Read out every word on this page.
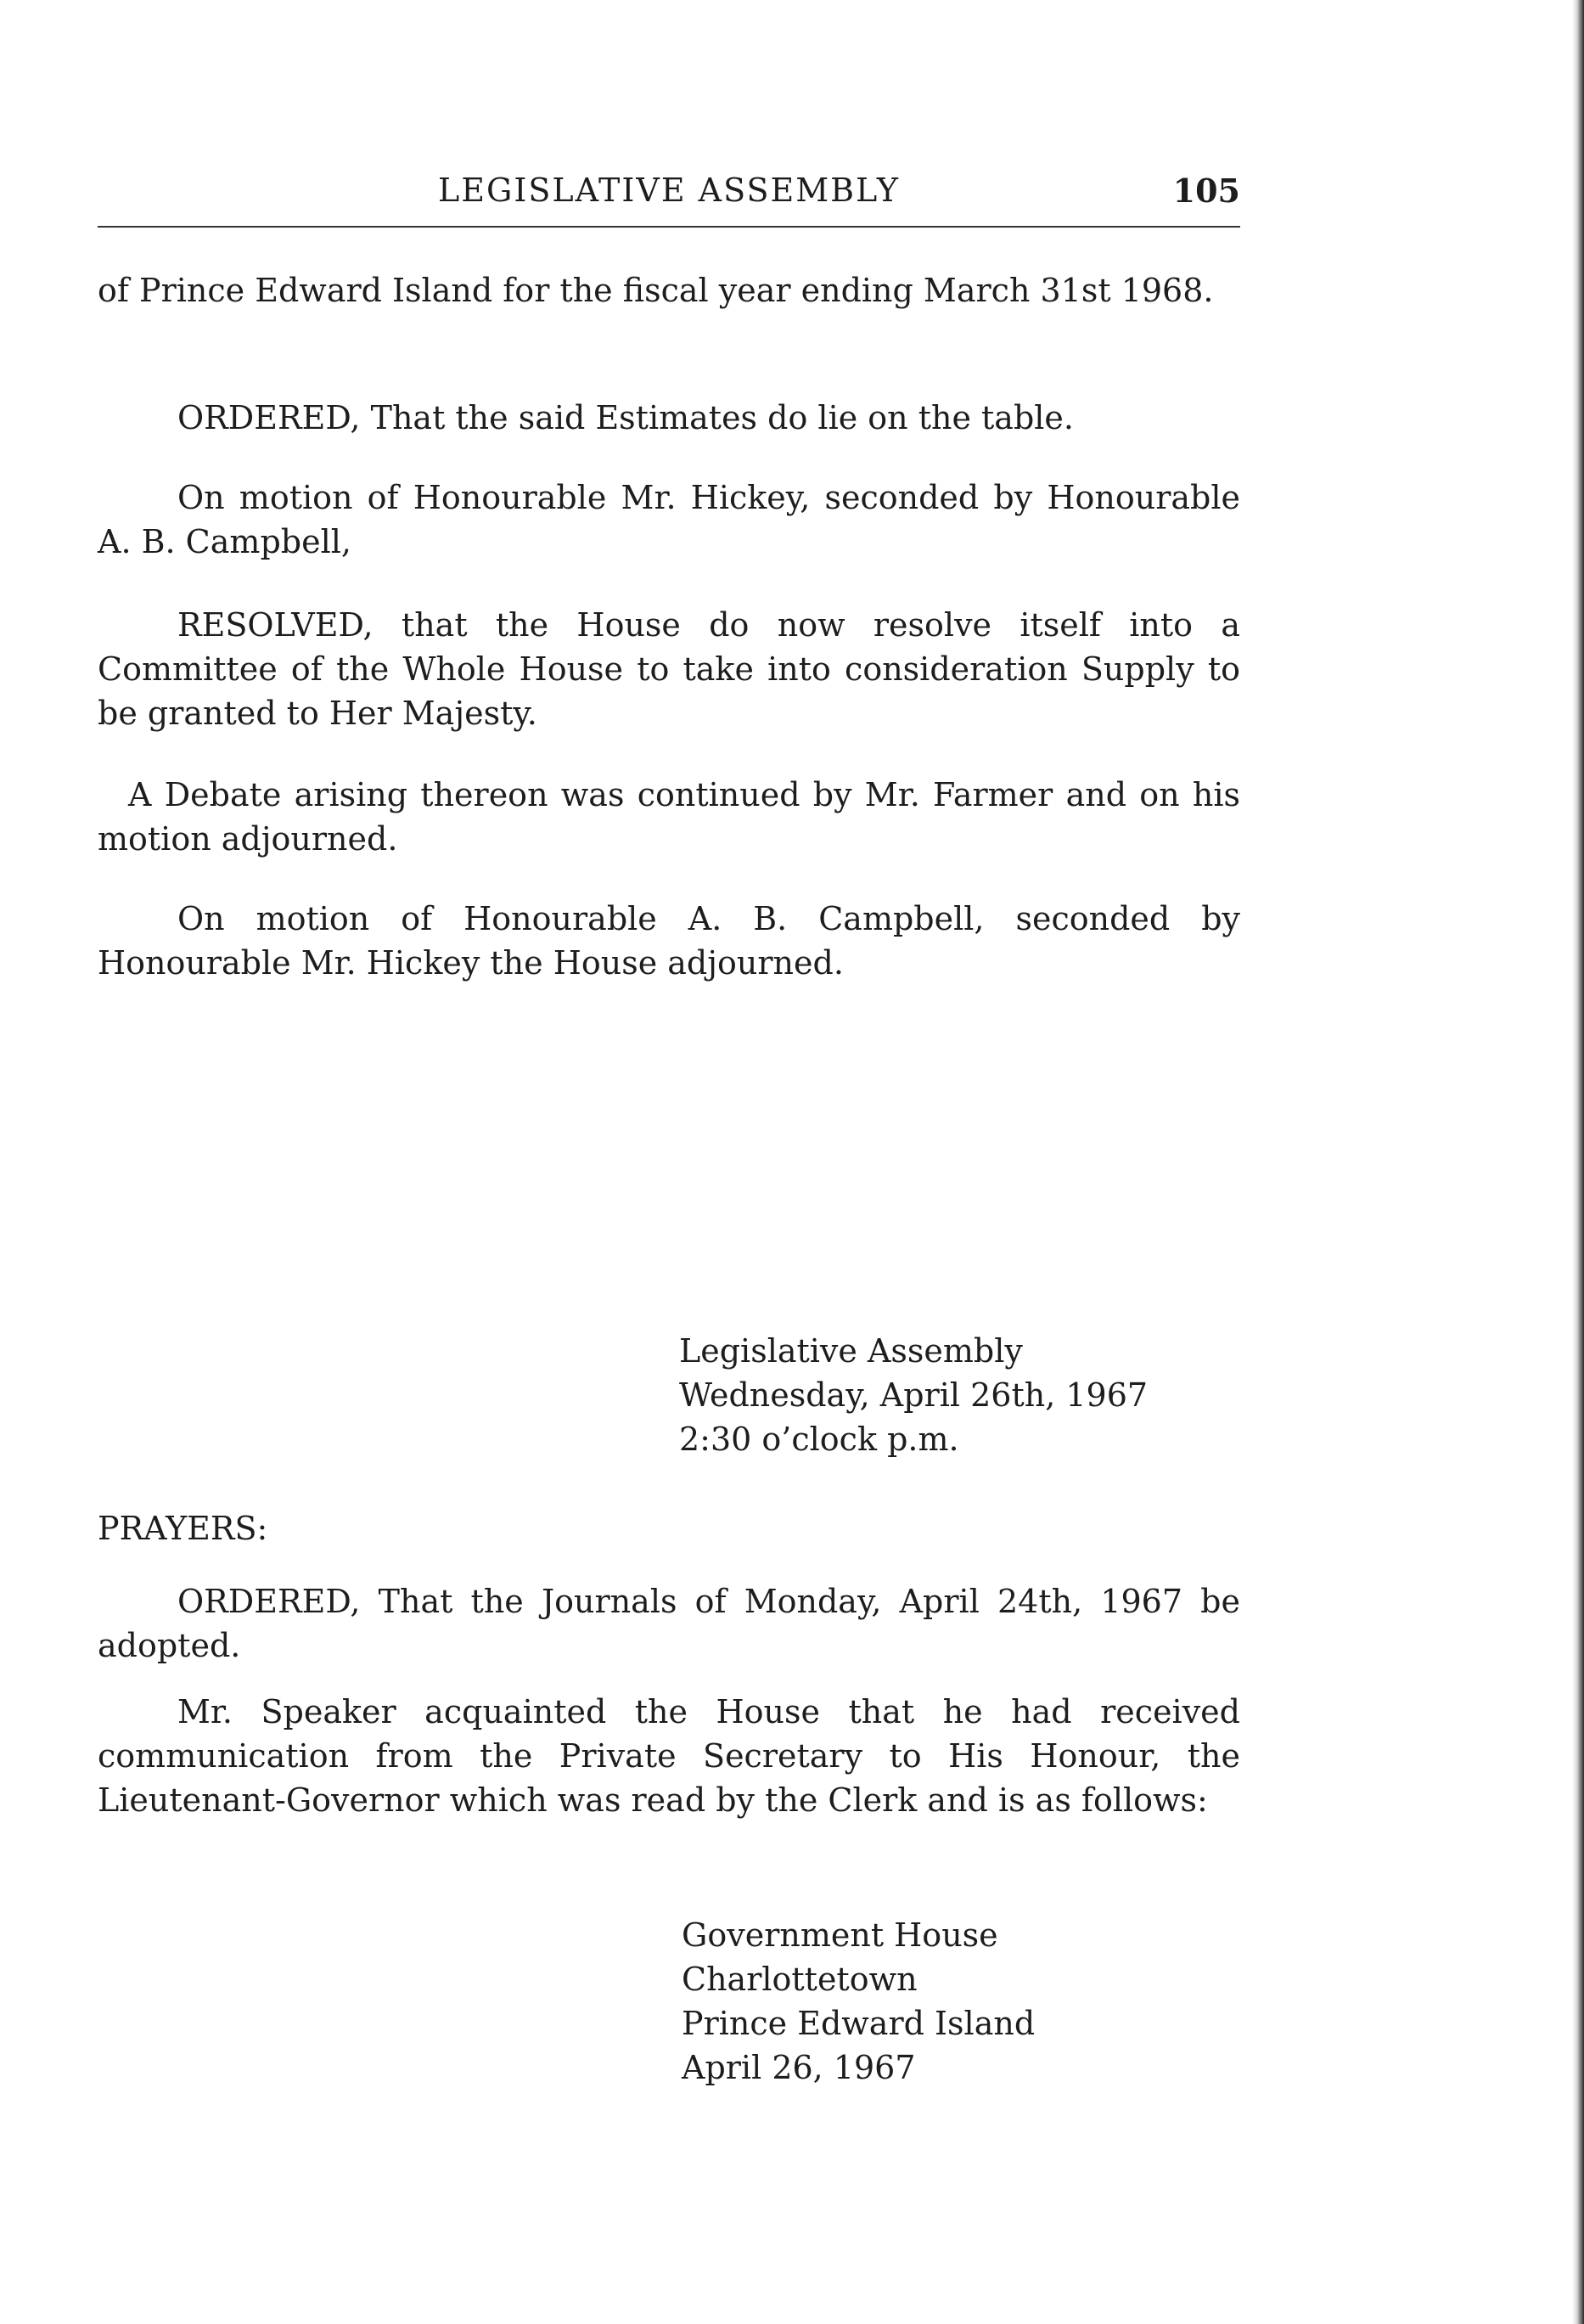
LEGISLATIVE ASSEMBLY	105

of Prince Edward Island for the fiscal year ending March 31st 1968.

ORDERED, That the said Estimates do lie on the table.

On motion of Honourable Mr. Hickey, seconded by Honourable A. B. Campbell,

RESOLVED, that the House do now resolve itself into a Committee of the Whole House to take into consideration Supply to be granted to Her Majesty.

A Debate arising thereon was continued by Mr. Farmer and on his motion adjourned.

On motion of Honourable A. B. Campbell, seconded by Honourable Mr. Hickey the House adjourned.

Legislative Assembly
Wednesday, April 26th, 1967
2:30 o’clock p.m.

PRAYERS:

ORDERED, That the Journals of Monday, April 24th, 1967 be adopted.

Mr. Speaker acquainted the House that he had received communication from the Private Secretary to His Honour, the Lieutenant-Governor which was read by the Clerk and is as follows:

Government House
Charlottetown
Prince Edward Island
April 26, 1967
